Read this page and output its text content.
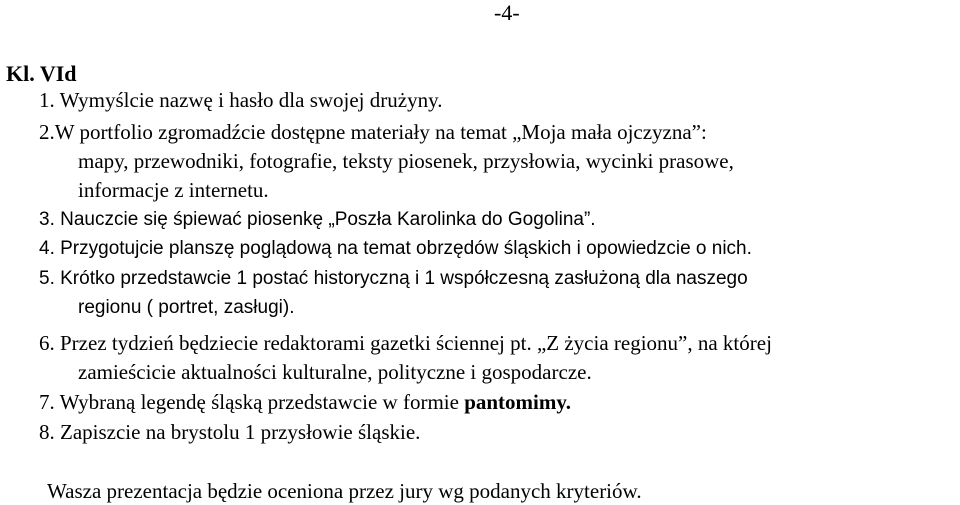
-4-
Kl. VId
1. Wymyślcie nazwę i hasło dla swojej drużyny.
2.W portfolio zgromadźcie dostępne materiały na temat „Moja mała ojczyzna”:
mapy, przewodniki, fotografie, teksty piosenek, przysłowia, wycinki prasowe,
informacje z internetu.
3. Nauczcie się śpiewać piosenkę „Poszła Karolinka do Gogolina”.
4. Przygotujcie planszę poglądową na temat obrzędów śląskich i opowiedzcie o nich.
5. Krótko przedstawcie 1 postać historyczną i 1 współczesną zasłużoną dla naszego
regionu ( portret, zasługi).
6. Przez tydzień będziecie redaktorami gazetki ściennej pt. „Z życia regionu”, na której
zamieścicie aktualności kulturalne, polityczne i gospodarcze.
7. Wybraną legendę śląską przedstawcie w formie pantomimy.
8. Zapiszcie na brystolu 1 przysłowie śląskie.
Wasza prezentacja będzie oceniona przez jury wg podanych kryteriów.
